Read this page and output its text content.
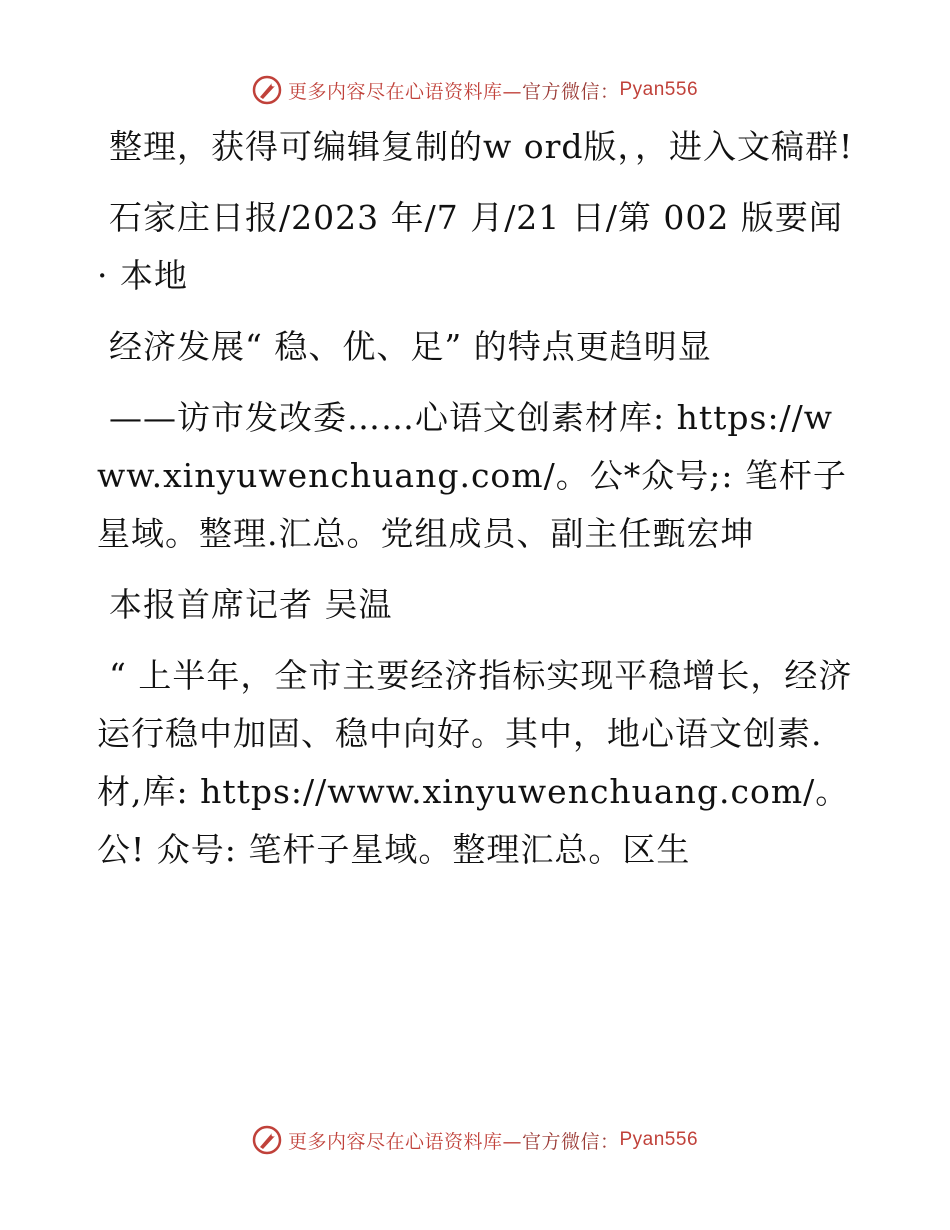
更多内容尽在心语资料库— 官方微信： Pyan556

整理，获得可编辑复制的w ord版，，进入文稿群!

石家庄日报/2023 年/7 月/21 日/第 002 版要闻 · 本地

经济发展“ 稳、优、足” 的特点更趋明显

——访市发改委……心语文创素材库: https://www.xinyuwenchuang.com/。公*众号;: 笔杆子星域。整理.汇总。党组成员、副主任甄宏坤

本报首席记者 吴温

“ 上半年，全市主要经济指标实现平稳增长，经济运行稳中加固、稳中向好。其中，地心语文创素.材,库: https://www.xinyuwenchuang.com/。公! 众号: 笔杆子星域。整理汇总。区生

更多内容尽在心语资料库— 官方微信： Pyan556
